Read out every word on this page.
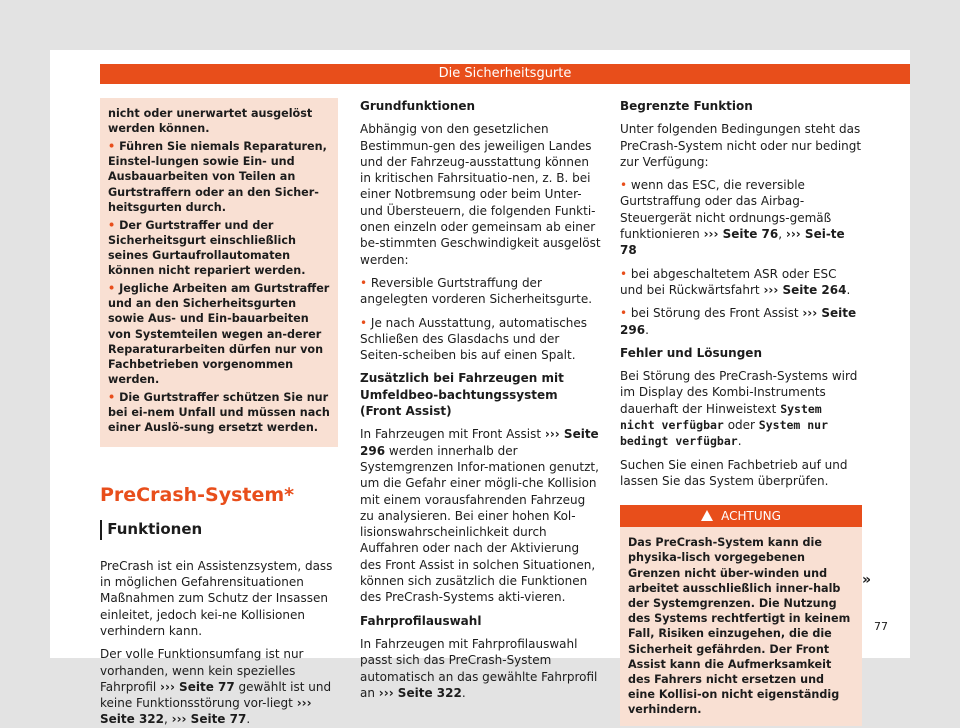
Die Sicherheitsgurte

nicht oder unerwartet ausgelöst werden können.

• Führen Sie niemals Reparaturen, Einstel-lungen sowie Ein- und Ausbauarbeiten von Teilen an Gurtstraffern oder an den Sicher-heitsgurten durch.

• Der Gurtstraffer und der Sicherheitsgurt einschließlich seines Gurtaufrollautomaten können nicht repariert werden.

• Jegliche Arbeiten am Gurtstraffer und an den Sicherheitsgurten sowie Aus- und Ein-bauarbeiten von Systemteilen wegen an-derer Reparaturarbeiten dürfen nur von Fachbetrieben vorgenommen werden.

• Die Gurtstraffer schützen Sie nur bei ei-nem Unfall und müssen nach einer Auslö-sung ersetzt werden.

PreCrash-System*
Funktionen

PreCrash ist ein Assistenzsystem, dass in möglichen Gefahrensituationen Maßnahmen zum Schutz der Insassen einleitet, jedoch kei-ne Kollisionen verhindern kann.

Der volle Funktionsumfang ist nur vorhanden, wenn kein spezielles Fahrprofil ››› Seite 77 gewählt ist und keine Funktionsstörung vor-liegt ››› Seite 322, ››› Seite 77.

Grundfunktionen

Abhängig von den gesetzlichen Bestimmun-gen des jeweiligen Landes und der Fahrzeug-ausstattung können in kritischen Fahrsituatio-nen, z. B. bei einer Notbremsung oder beim Unter- und Übersteuern, die folgenden Funkti-onen einzeln oder gemeinsam ab einer be-stimmten Geschwindigkeit ausgelöst werden:

• Reversible Gurtstraffung der angelegten vorderen Sicherheitsgurte.

• Je nach Ausstattung, automatisches Schließen des Glasdachs und der Seiten-scheiben bis auf einen Spalt.

Zusätzlich bei Fahrzeugen mit Umfeldbeo-bachtungssystem (Front Assist)

In Fahrzeugen mit Front Assist ››› Seite 296 werden innerhalb der Systemgrenzen Infor-mationen genutzt, um die Gefahr einer mögli-che Kollision mit einem vorausfahrenden Fahrzeug zu analysieren. Bei einer hohen Kol-lisionswahrscheinlichkeit durch Auffahren oder nach der Aktivierung des Front Assist in solchen Situationen, können sich zusätzlich die Funktionen des PreCrash-Systems akti-vieren.

Fahrprofilauswahl

In Fahrzeugen mit Fahrprofilauswahl passt sich das PreCrash-System automatisch an das gewählte Fahrprofil an ››› Seite 322.

Begrenzte Funktion

Unter folgenden Bedingungen steht das PreCrash-System nicht oder nur bedingt zur Verfügung:

• wenn das ESC, die reversible Gurtstraffung oder das Airbag-Steuergerät nicht ordnungs-gemäß funktionieren ››› Seite 76, ››› Sei-te 78

• bei abgeschaltetem ASR oder ESC und bei Rückwärtsfahrt ››› Seite 264.

• bei Störung des Front Assist ››› Seite 296.

Fehler und Lösungen

Bei Störung des PreCrash-Systems wird im Display des Kombi-Instruments dauerhaft der Hinweistext System nicht verfügbar oder System nur bedingt verfügbar.

Suchen Sie einen Fachbetrieb auf und lassen Sie das System überprüfen.

ACHTUNG
Das PreCrash-System kann die physika-lisch vorgegebenen Grenzen nicht über-winden und arbeitet ausschließlich inner-halb der Systemgrenzen. Die Nutzung des Systems rechtfertigt in keinem Fall, Risiken einzugehen, die die Sicherheit gefährden. Der Front Assist kann die Aufmerksamkeit des Fahrers nicht ersetzen und eine Kollisi-on nicht eigenständig verhindern.
»
77
